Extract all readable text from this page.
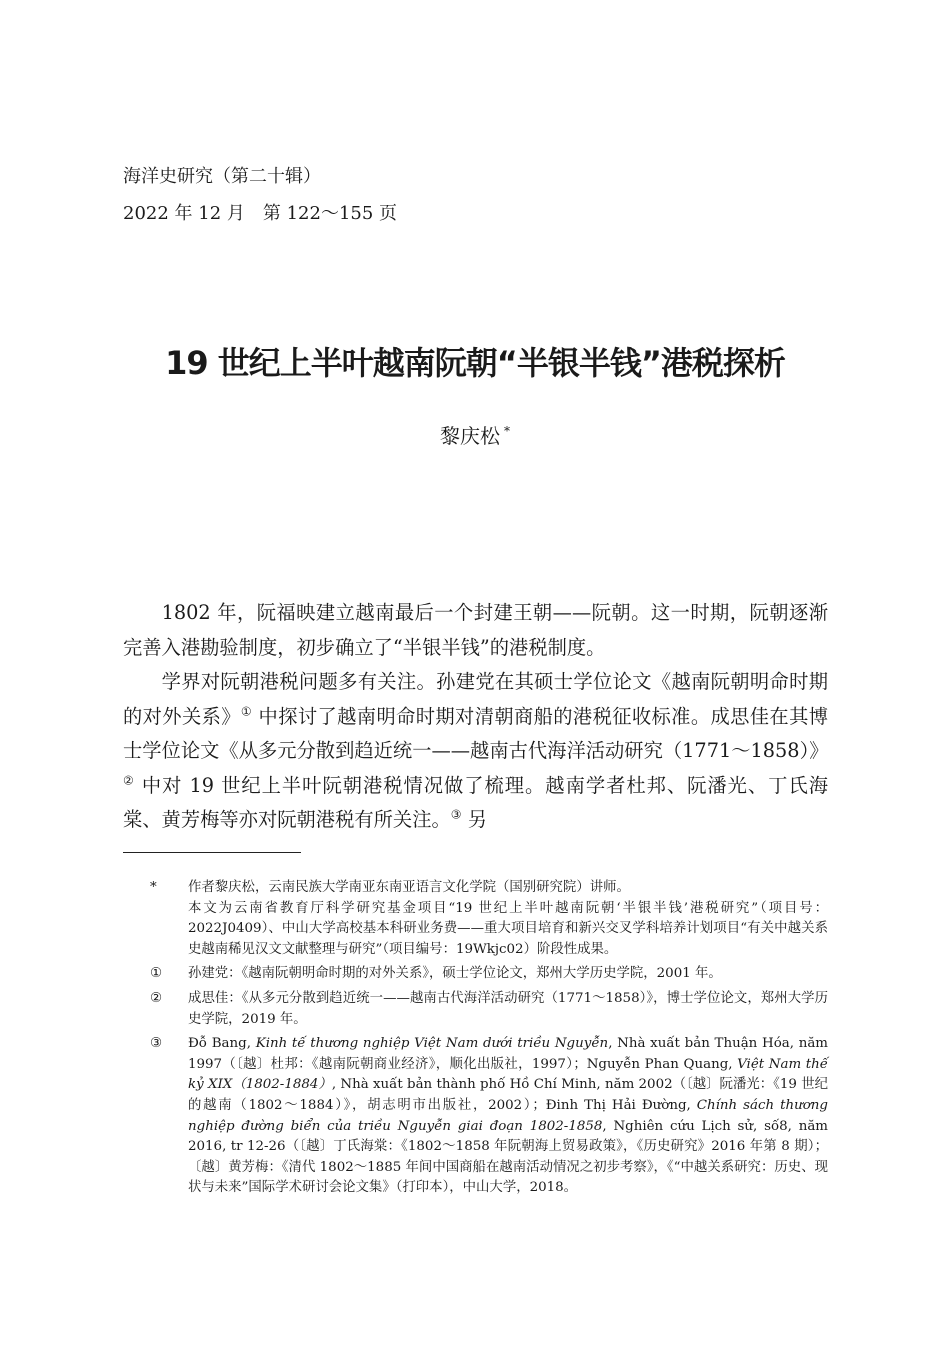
海洋史研究（第二十辑）
2022 年 12 月　第 122～155 页
19 世纪上半叶越南阮朝“半银半钱”港税探析
黎庆松 *

1802 年，阮福映建立越南最后一个封建王朝——阮朝。这一时期，阮朝逐渐完善入港勘验制度，初步确立了“半银半钱”的港税制度。

学界对阮朝港税问题多有关注。孙建党在其硕士学位论文《越南阮朝明命时期的对外关系》① 中探讨了越南明命时期对清朝商船的港税征收标准。成思佳在其博士学位论文《从多元分散到趋近统一——越南古代海洋活动研究（1771～1858）》② 中对 19 世纪上半叶阮朝港税情况做了梳理。越南学者杜邦、阮潘光、丁氏海棠、黄芳梅等亦对阮朝港税有所关注。③ 另

*	作者黎庆松，云南民族大学南亚东南亚语言文化学院（国别研究院）讲师。

本文为云南省教育厅科学研究基金项目“19 世纪上半叶越南阮朝‘半银半钱’港税研究”（项目号：2022J0409）、中山大学高校基本科研业务费——重大项目培育和新兴交叉学科培养计划项目“有关中越关系史越南稀见汉文文献整理与研究”（项目编号：19Wkjc02）阶段性成果。

①	孙建党：《越南阮朝明命时期的对外关系》，硕士学位论文，郑州大学历史学院，2001 年。
②	成思佳：《从多元分散到趋近统一——越南古代海洋活动研究（1771～1858）》，博士学位论文，郑州大学历史学院，2019 年。
③	Đỗ Bang, Kinh tế thương nghiệp Việt Nam dưới triều Nguyễn, Nhà xuất bản Thuận Hóa, năm 1997（〔越〕杜邦：《越南阮朝商业经济》，顺化出版社，1997）；Nguyễn Phan Quang, Việt Nam thế kỷ XIX（1802-1884）, Nhà xuất bản thành phố Hồ Chí Minh, năm 2002（〔越〕阮潘光：《19 世纪的越南（1802～1884）》，胡志明市出版社，2002）；Đinh Thị Hải Đường, Chính sách thương nghiệp đường biển của triều Nguyễn giai đoạn 1802-1858, Nghiên cứu Lịch sử, số8, năm 2016, tr 12-26（〔越〕丁氏海棠：《1802～1858 年阮朝海上贸易政策》，《历史研究》2016 年第 8 期）；〔越〕黄芳梅：《清代 1802～1885 年间中国商船在越南活动情况之初步考察》，《“中越关系研究：历史、现状与未来”国际学术研讨会论文集》（打印本），中山大学，2018。
